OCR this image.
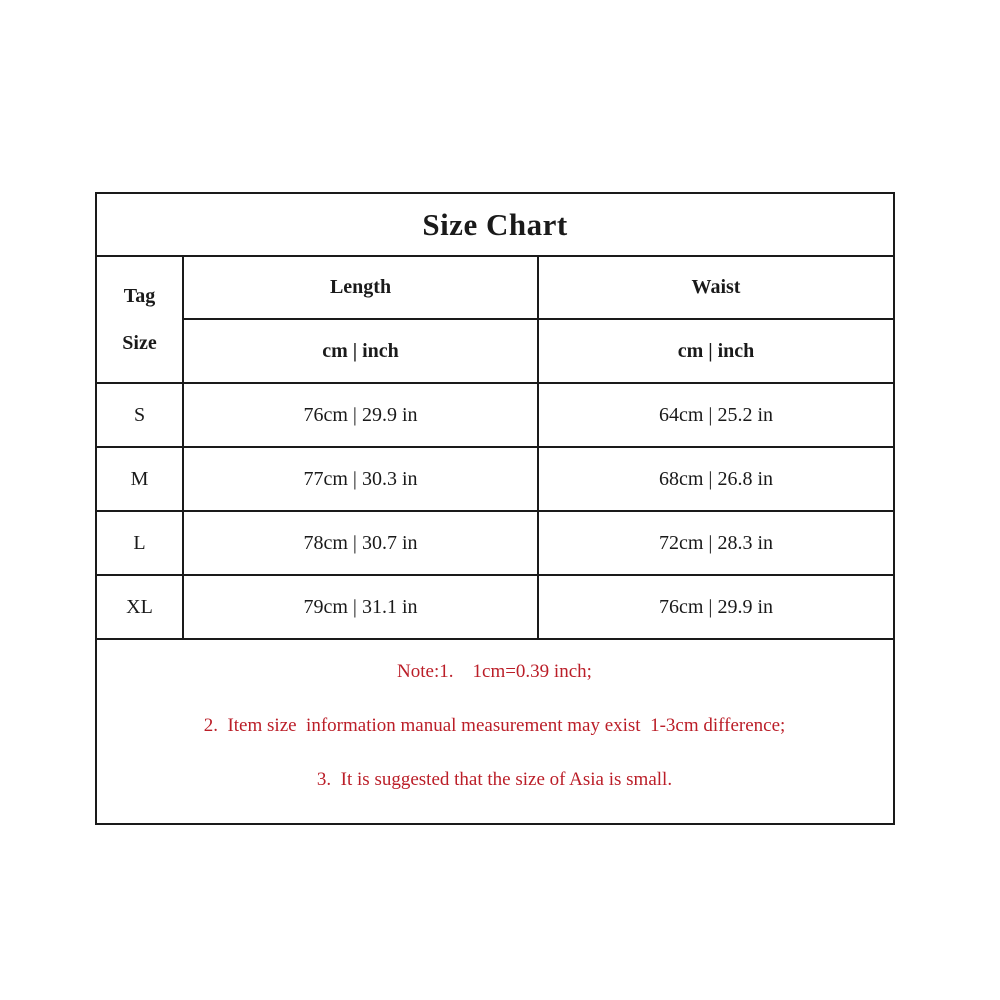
Size Chart		

Tag
Size	Length	Waist
	cm | inch	cm | inch
S	76cm | 29.9 in	64cm | 25.2 in
M	77cm | 30.3 in	68cm | 26.8 in
L	78cm | 30.7 in	72cm | 28.3 in
XL	79cm | 31.1 in	76cm | 29.9 in

Note:1.    1cm=0.39 inch;
2.  Item size  information manual measurement may exist  1-3cm difference;
3.  It is suggested that the size of Asia is small.		
